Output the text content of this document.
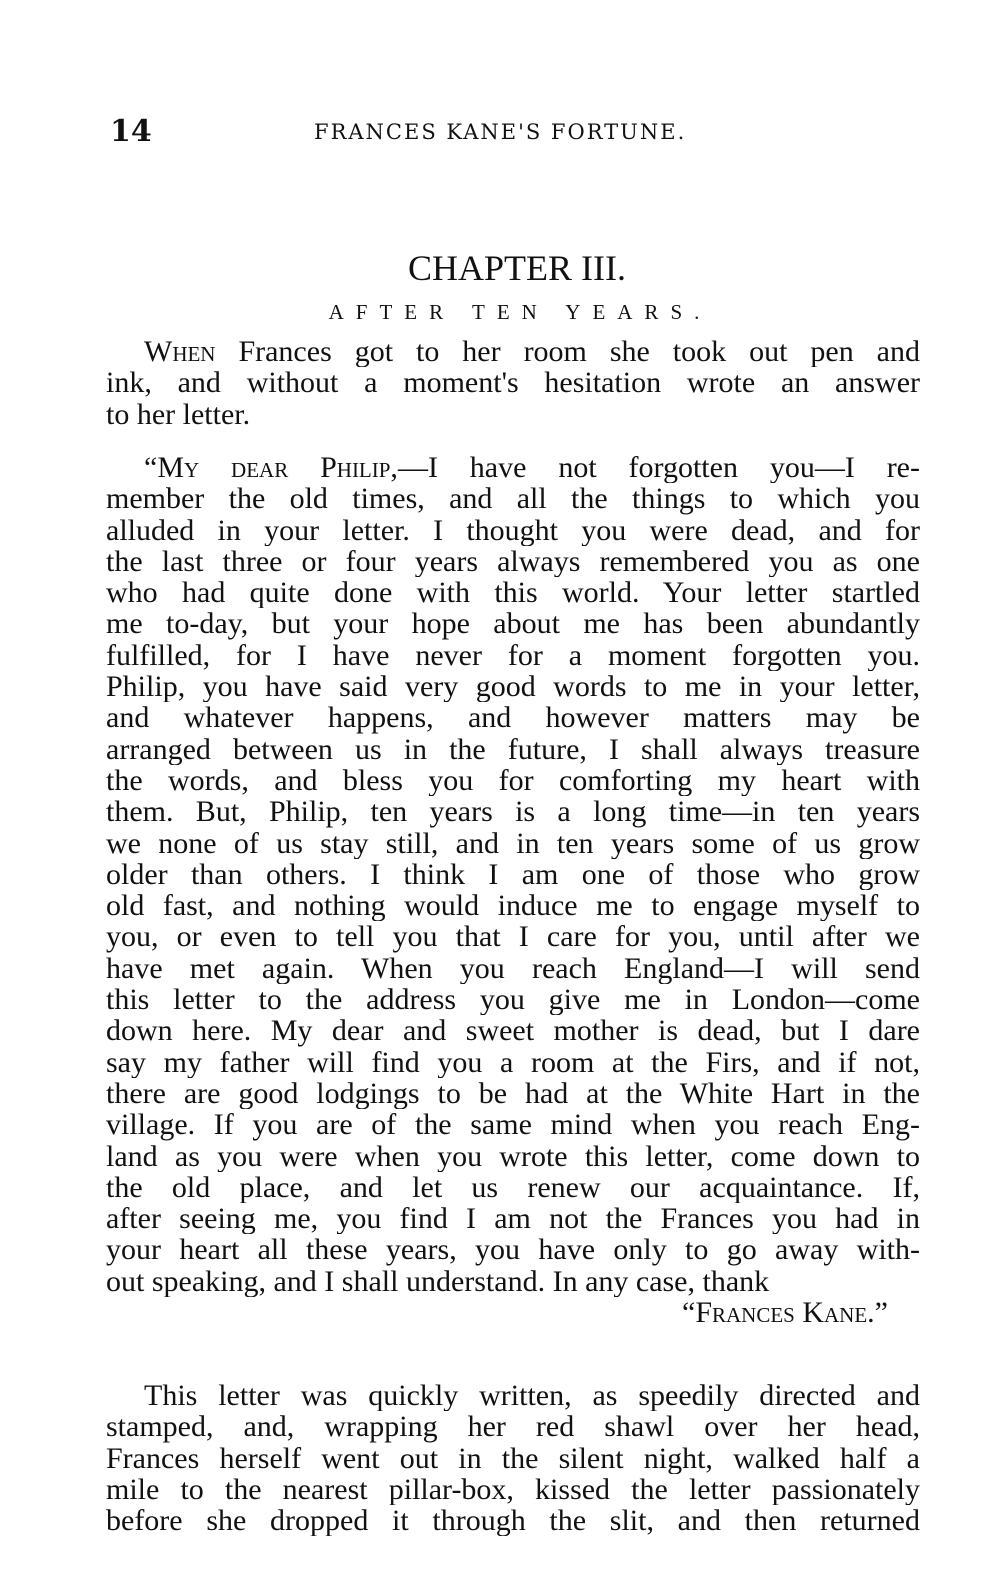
14	FRANCES KANE'S FORTUNE.
CHAPTER III.
AFTER TEN YEARS.
When Frances got to her room she took out pen and
ink, and without a moment's hesitation wrote an answer
to her letter.
“My dear Philip,—I have not forgotten you—I re-
member the old times, and all the things to which you
alluded in your letter. I thought you were dead, and for
the last three or four years always remembered you as one
who had quite done with this world. Your letter startled
me to-day, but your hope about me has been abundantly
fulfilled, for I have never for a moment forgotten you.
Philip, you have said very good words to me in your letter,
and whatever happens, and however matters may be
arranged between us in the future, I shall always treasure
the words, and bless you for comforting my heart with
them. But, Philip, ten years is a long time—in ten years
we none of us stay still, and in ten years some of us grow
older than others. I think I am one of those who grow
old fast, and nothing would induce me to engage myself to
you, or even to tell you that I care for you, until after we
have met again. When you reach England—I will send
this letter to the address you give me in London—come
down here. My dear and sweet mother is dead, but I dare
say my father will find you a room at the Firs, and if not,
there are good lodgings to be had at the White Hart in the
village. If you are of the same mind when you reach Eng-
land as you were when you wrote this letter, come down to
the old place, and let us renew our acquaintance. If,
after seeing me, you find I am not the Frances you had in
your heart all these years, you have only to go away with-
out speaking, and I shall understand. In any case, thank
“Frances Kane.”
This letter was quickly written, as speedily directed and
stamped, and, wrapping her red shawl over her head,
Frances herself went out in the silent night, walked half a
mile to the nearest pillar-box, kissed the letter passionately
before she dropped it through the slit, and then returned
